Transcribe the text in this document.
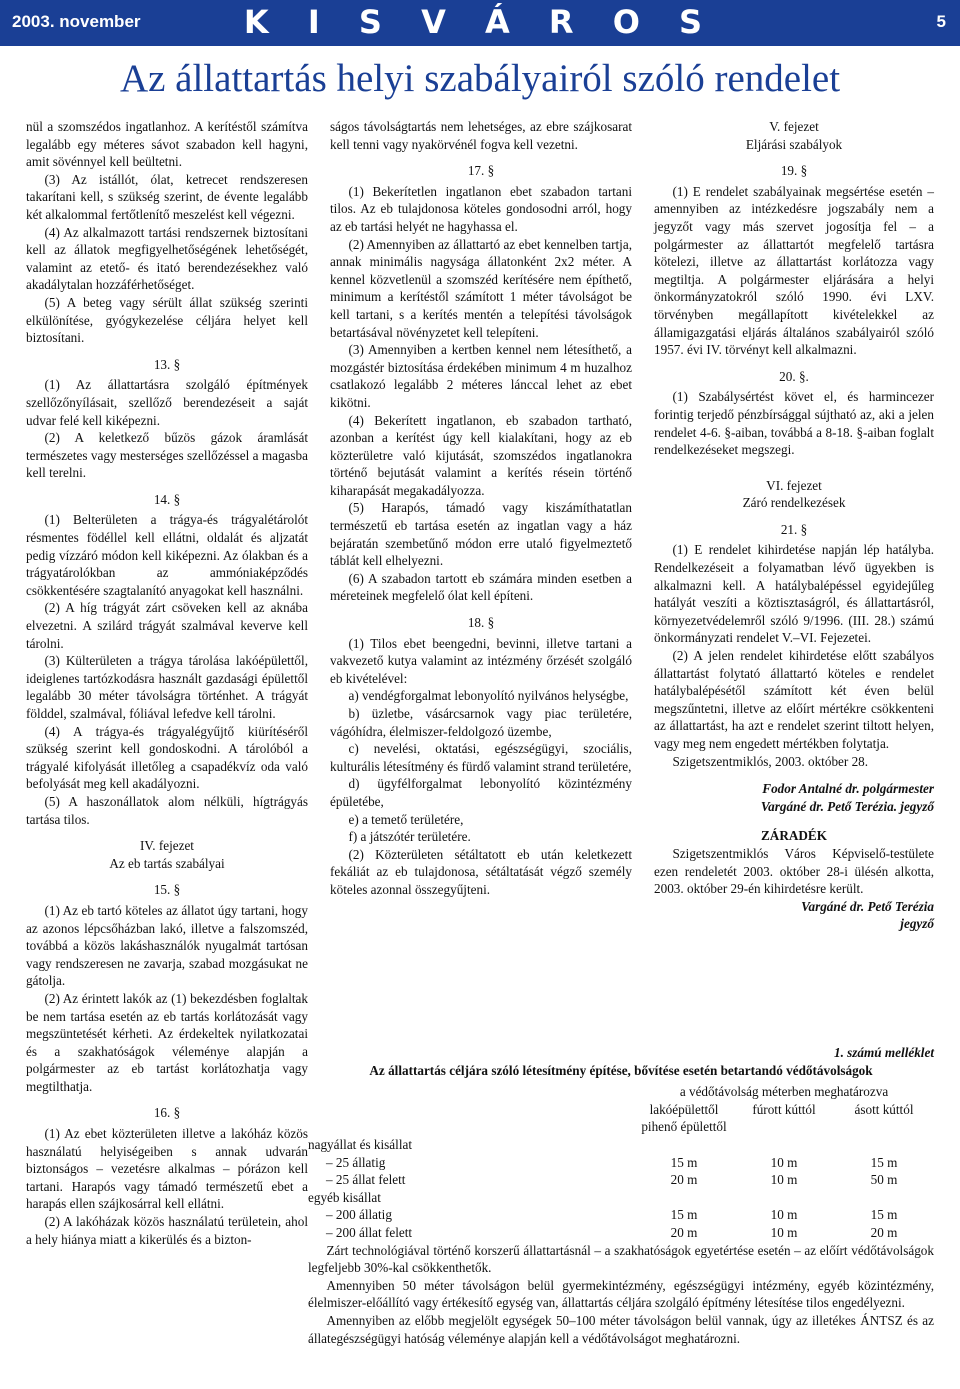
2003. november	K I S V Á R O S	5
Az állattartás helyi szabályairól szóló rendelet

nül a szomszédos ingatlanhoz. A kerítéstől számítva legalább egy méteres sávot szabadon kell hagyni, amit sövénnyel kell beültetni.

(3) Az istállót, ólat, ketrecet rendszeresen takarítani kell, s szükség szerint, de évente legalább két alkalommal fertőtlenítő meszelést kell végezni.

(4) Az alkalmazott tartási rendszernek biztosítani kell az állatok megfigyelhetőségének lehetőségét, valamint az etető- és itató berendezésekhez való akadálytalan hozzáférhetőséget.

(5) A beteg vagy sérült állat szükség szerinti elkülönítése, gyógykezelése céljára helyet kell biztosítani.

13. §

(1) Az állattartásra szolgáló építmények szellőzőnyílásait, szellőző berendezéseit a saját udvar felé kell kiképezni.

(2) A keletkező bűzös gázok áramlását természetes vagy mesterséges szellőzéssel a magasba kell terelni.

14. §

(1) Belterületen a trágya-és trágyalétárolót résmentes födéllel kell ellátni, oldalát és aljzatát pedig vízzáró módon kell kiképezni. Az ólakban és a trágyatárolókban az ammóniaképződés csökkentésére szagtalanító anyagokat kell használni.

(2) A híg trágyát zárt csöveken kell az aknába elvezetni. A szilárd trágyát szalmával keverve kell tárolni.

(3) Külterületen a trágya tárolása lakóépülettől, ideiglenes tartózkodásra használt gazdasági épülettől legalább 30 méter távolságra történhet. A trágyát földdel, szalmával, fóliával lefedve kell tárolni.

(4) A trágya-és trágyalégyűjtő kiürítéséről szükség szerint kell gondoskodni. A tárolóból a trágyalé kifolyását illetőleg a csapadékvíz oda való befolyását meg kell akadályozni.

(5) A haszonállatok alom nélküli, hígtrágyás tartása tilos.

IV. fejezet

Az eb tartás szabályai

15. §

(1) Az eb tartó köteles az állatot úgy tartani, hogy az azonos lépcsőházban lakó, illetve a falszomszéd, továbbá a közös lakáshasználók nyugalmát tartósan vagy rendszeresen ne zavarja, szabad mozgásukat ne gátolja.

(2) Az érintett lakók az (1) bekezdésben foglaltak be nem tartása esetén az eb tartás korlátozását vagy megszüntetését kérheti. Az érdekeltek nyilatkozatai és a szakhatóságok véleménye alapján a polgármester az eb tartást korlátozhatja vagy megtilthatja.

16. §

(1) Az ebet közterületen illetve a lakóház közös használatú helyiségeiben s annak udvarán biztonságos – vezetésre alkalmas – pórázon kell tartani. Harapós vagy támadó természetű ebet a harapás ellen szájkosárral kell ellátni.

(2) A lakóházak közös használatú területein, ahol a hely hiánya miatt a kikerülés és a bizton-

ságos távolságtartás nem lehetséges, az ebre szájkosarat kell tenni vagy nyakörvénél fogva kell vezetni.

17. §

(1) Bekerítetlen ingatlanon ebet szabadon tartani tilos. Az eb tulajdonosa köteles gondosodni arról, hogy az eb tartási helyét ne hagyhassa el.

(2) Amennyiben az állattartó az ebet kennelben tartja, annak minimális nagysága állatonként 2x2 méter. A kennel közvetlenül a szomszéd kerítésére nem építhető, minimum a kerítéstől számított 1 méter távolságot be kell tartani, s a kerítés mentén a telepítési távolságok betartásával növényzetet kell telepíteni.

(3) Amennyiben a kertben kennel nem létesíthető, a mozgástér biztosítása érdekében minimum 4 m huzalhoz csatlakozó legalább 2 méteres lánccal lehet az ebet kikötni.

(4) Bekerített ingatlanon, eb szabadon tartható, azonban a kerítést úgy kell kialakítani, hogy az eb közterületre való kijutását, szomszédos ingatlanokra történő bejutását valamint a kerítés résein történő kiharapását megakadályozza.

(5) Harapós, támadó vagy kiszámíthatatlan természetű eb tartása esetén az ingatlan vagy a ház bejáratán szembetűnő módon erre utaló figyelmeztető táblát kell elhelyezni.

(6) A szabadon tartott eb számára minden esetben a méreteinek megfelelő ólat kell építeni.

18. §

(1) Tilos ebet beengedni, bevinni, illetve tartani a vakvezető kutya valamint az intézmény őrzését szolgáló eb kivételével:

a) vendégforgalmat lebonyolító nyilvános helységbe,

b) üzletbe, vásárcsarnok vagy piac területére, vágóhídra, élelmiszer-feldolgozó üzembe,

c) nevelési, oktatási, egészségügyi, szociális, kulturális létesítmény és fürdő valamint strand területére,

d) ügyfélforgalmat lebonyolító közintézmény épületébe,

e) a temető területére,

f) a játszótér területére.

(2) Közterületen sétáltatott eb után keletkezett fekáliát az eb tulajdonosa, sétáltatását végző személy köteles azonnal összegyűjteni.

V. fejezet

Eljárási szabályok

19. §

(1) E rendelet szabályainak megsértése esetén – amennyiben az intézkedésre jogszabály nem a jegyzőt vagy más szervet jogosítja fel – a polgármester az állattartót megfelelő tartásra kötelezi, illetve az állattartást korlátozza vagy megtiltja. A polgármester eljárására a helyi önkormányzatokról szóló 1990. évi LXV. törvényben megállapított kivételekkel az államigazgatási eljárás általános szabályairól szóló 1957. évi IV. törvényt kell alkalmazni.

20. §.

(1) Szabálysértést követ el, és harmincezer forintig terjedő pénzbírsággal sújtható az, aki a jelen rendelet 4-6. §-aiban, továbbá a 8-18. §-aiban foglalt rendelkezéseket megszegi.

VI. fejezet

Záró rendelkezések

21. §

(1) E rendelet kihirdetése napján lép hatályba. Rendelkezéseit a folyamatban lévő ügyekben is alkalmazni kell. A hatálybalépéssel egyidejűleg hatályát veszíti a köztisztaságról, és állattartásról, környezetvédelemről szóló 9/1996. (III. 28.) számú önkormányzati rendelet V.–VI. Fejezetei.

(2) A jelen rendelet kihirdetése előtt szabályos állattartást folytató állattartó köteles e rendelet hatálybalépésétől számított két éven belül megszűntetni, illetve az előírt mértékre csökkenteni az állattartást, ha azt e rendelet szerint tiltott helyen, vagy meg nem engedett mértékben folytatja.

Szigetszentmiklós, 2003. október 28.

Fodor Antalné dr. polgármester

Vargáné dr. Pető Terézia. jegyző

ZÁRADÉK

Szigetszentmiklós Város Képviselő-testülete ezen rendeletét 2003. október 28-i ülésén alkotta, 2003. október 29-én kihirdetésre került.

Vargáné dr. Pető Terézia

jegyző

1. számú melléklet

Az állattartás céljára szóló létesítmény építése, bővítése esetén betartandó védőtávolságok

	a védőtávolság méterben meghatározva		
	lakóépülettől	fúrott kúttól	ásott kúttól
	pihenő épülettől		
nagyállat és kisállat			
– 25 állatig	15 m	10 m	15 m
– 25 állat felett	20 m	10 m	50 m
egyéb kisállat			
– 200 állatig	15 m	10 m	15 m
– 200 állat felett	20 m	10 m	20 m

Zárt technológiával történő korszerű állattartásnál – a szakhatóságok egyetértése esetén – az előírt védőtávolságok legfeljebb 30%-kal csökkenthetők.

Amennyiben 50 méter távolságon belül gyermekintézmény, egészségügyi intézmény, egyéb közintézmény, élelmiszer-előállító vagy értékesítő egység van, állattartás céljára szolgáló építmény létesítése tilos engedélyezni.

Amennyiben az előbb megjelölt egységek 50–100 méter távolságon belül vannak, úgy az illetékes ÁNTSZ és az állategészségügyi hatóság véleménye alapján kell a védőtávolságot meghatározni.
